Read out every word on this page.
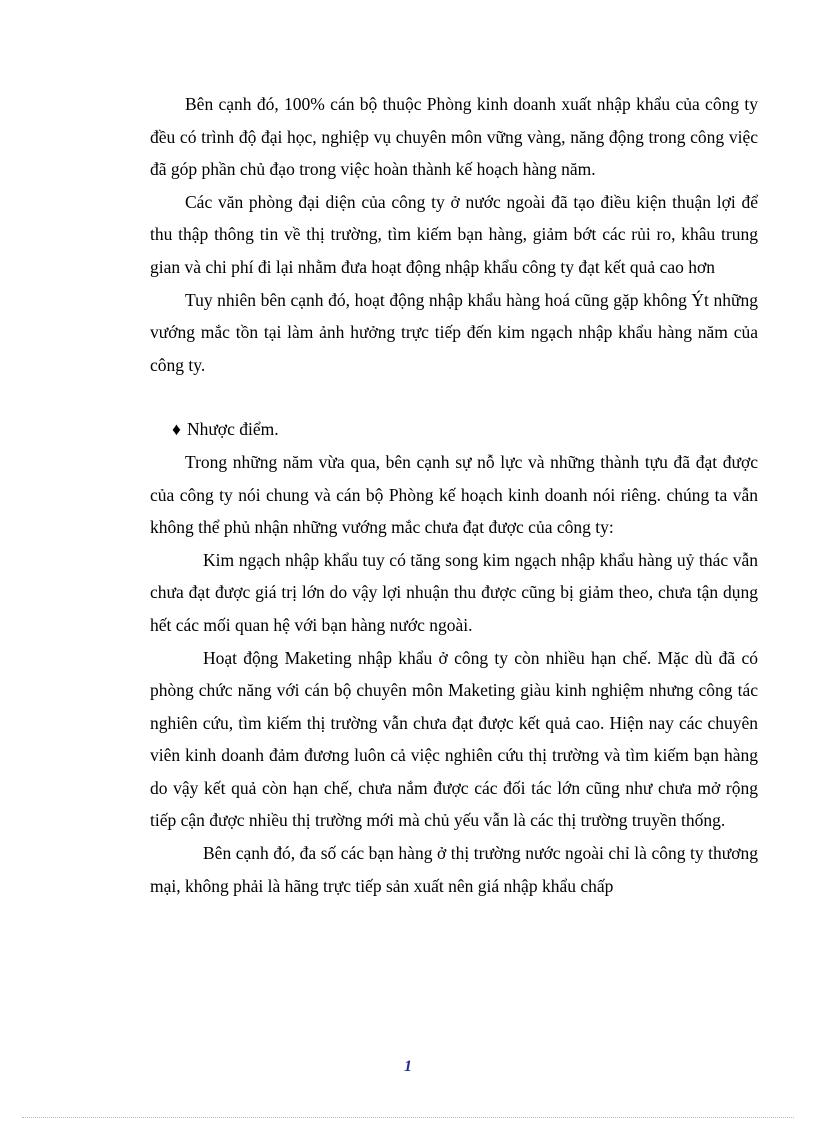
Bên cạnh đó, 100% cán bộ thuộc Phòng kinh doanh xuất nhập khẩu của công ty đều có trình độ đại học, nghiệp vụ chuyên môn vững vàng, năng động trong công việc đã góp phần chủ đạo trong việc hoàn thành kế hoạch hàng năm.

Các văn phòng đại diện của công ty ở nước ngoài đã tạo điều kiện thuận lợi để thu thập thông tin về thị trường, tìm kiếm bạn hàng, giảm bớt các rủi ro, khâu trung gian và chi phí đi lại nhằm đưa hoạt động nhập khẩu công ty đạt kết quả cao hơn

Tuy nhiên bên cạnh đó, hoạt động nhập khẩu hàng hoá cũng gặp không Ýt những vướng mắc tồn tại làm ảnh hưởng trực tiếp đến kim ngạch nhập khẩu hàng năm của công ty.

♦ Nhược điểm.

Trong những năm vừa qua, bên cạnh sự nỗ lực và những thành tựu đã đạt được của công ty nói chung và cán bộ Phòng kế hoạch kinh doanh nói riêng. chúng ta vẫn không thể phủ nhận những vướng mắc chưa đạt được của công ty:

Kim ngạch nhập khẩu tuy có tăng song kim ngạch nhập khẩu hàng uỷ thác vẫn chưa đạt được giá trị lớn do vậy lợi nhuận thu được cũng bị giảm theo, chưa tận dụng hết các mối quan hệ với bạn hàng nước ngoài.

Hoạt động Maketing nhập khẩu ở công ty còn nhiều hạn chế. Mặc dù đã có phòng chức năng với cán bộ chuyên môn Maketing giàu kinh nghiệm nhưng công tác nghiên cứu, tìm kiếm thị trường vẫn chưa đạt được kết quả cao. Hiện nay các chuyên viên kinh doanh đảm đương luôn cả việc nghiên cứu thị trường và tìm kiếm bạn hàng do vậy kết quả còn hạn chế, chưa nắm được các đối tác lớn cũng như chưa mở rộng tiếp cận được nhiều thị trường mới mà chủ yếu vẫn là các thị trường truyền thống.

Bên cạnh đó, đa số các bạn hàng ở thị trường nước ngoài chỉ là công ty thương mại, không phải là hãng trực tiếp sản xuất nên giá nhập khẩu chấp

1
